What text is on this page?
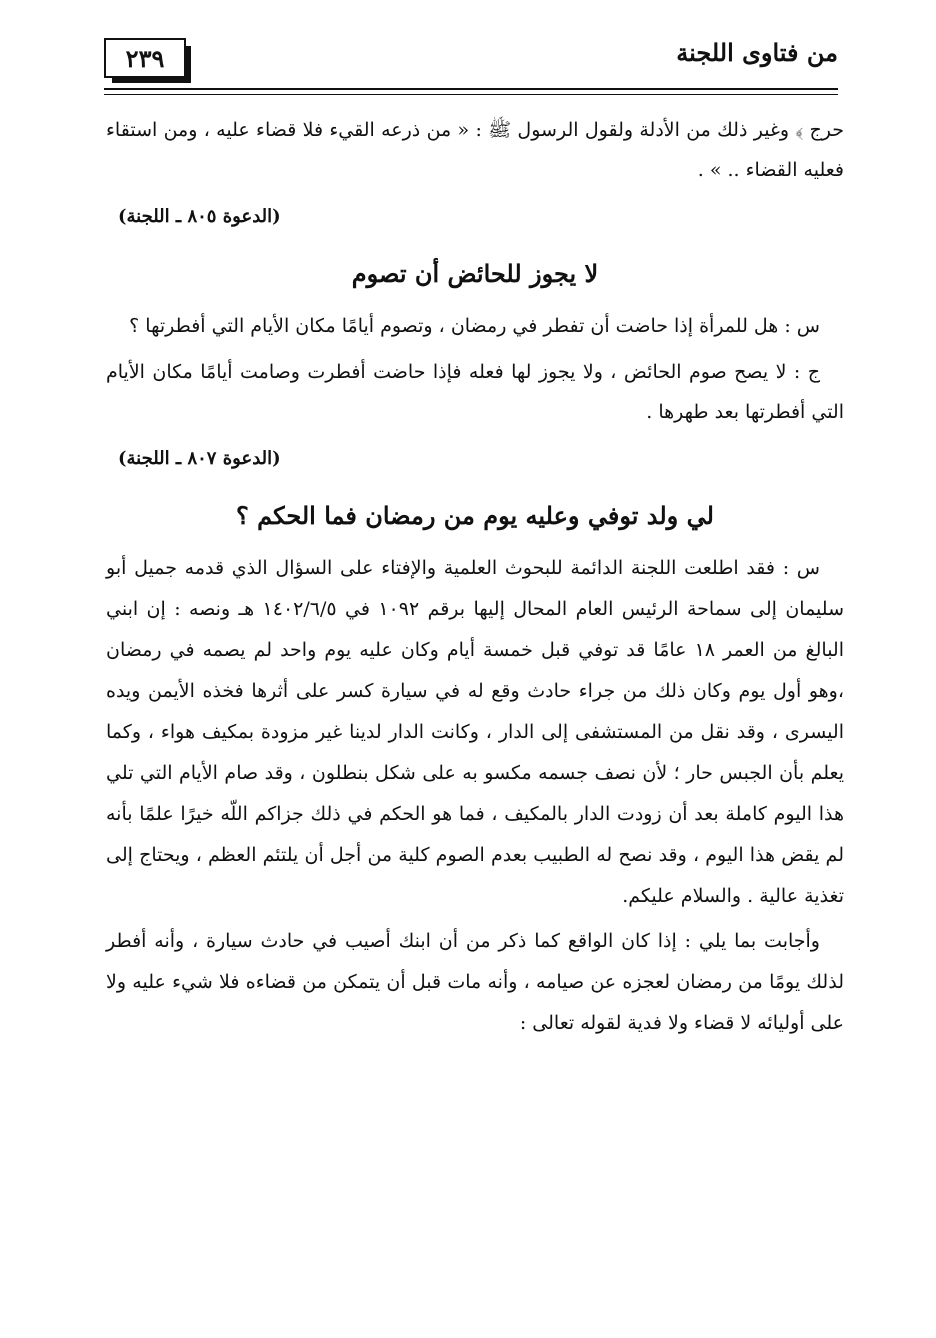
من فتاوى اللجنة
٢٣٩

حرج ﴾ وغير ذلك من الأدلة ولقول الرسول ﷺ : « من ذرعه القيء فلا قضاء عليه ، ومن استقاء فعليه القضاء .. » .

(الدعوة ٨٠٥ ـ اللجنة)

لا يجوز للحائض أن تصوم

س : هل للمرأة إذا حاضت أن تفطر في رمضان ، وتصوم أيامًا مكان الأيام التي أفطرتها ؟

ج : لا يصح صوم الحائض ، ولا يجوز لها فعله فإذا حاضت أفطرت وصامت أيامًا مكان الأيام التي أفطرتها بعد طهرها .

(الدعوة ٨٠٧ ـ اللجنة)

لي ولد توفي وعليه يوم من رمضان فما الحكم ؟

س : فقد اطلعت اللجنة الدائمة للبحوث العلمية والإفتاء على السؤال الذي قدمه جميل أبو سليمان إلى سماحة الرئيس العام المحال إليها برقم ١٠٩٢ في ١٤٠٢/٦/٥ هـ ونصه : إن ابني البالغ من العمر ١٨ عامًا قد توفي قبل خمسة أيام وكان عليه يوم واحد لم يصمه في رمضان ،وهو أول يوم وكان ذلك من جراء حادث وقع له في سيارة كسر على أثرها فخذه الأيمن ويده اليسرى ، وقد نقل من المستشفى إلى الدار ، وكانت الدار لدينا غير مزودة بمكيف هواء ، وكما يعلم بأن الجبس حار ؛ لأن نصف جسمه مكسو به على شكل بنطلون ، وقد صام الأيام التي تلي هذا اليوم كاملة بعد أن زودت الدار بالمكيف ، فما هو الحكم في ذلك جزاكم اللّه خيرًا علمًا بأنه لم يقض هذا اليوم ، وقد نصح له الطبيب بعدم الصوم كلية من أجل أن يلتئم العظم ، ويحتاج إلى تغذية عالية . والسلام عليكم.

وأجابت بما يلي : إذا كان الواقع كما ذكر من أن ابنك أصيب في حادث سيارة ، وأنه أفطر لذلك يومًا من رمضان لعجزه عن صيامه ، وأنه مات قبل أن يتمكن من قضاءه فلا شيء عليه ولا على أوليائه لا قضاء ولا فدية لقوله تعالى :
